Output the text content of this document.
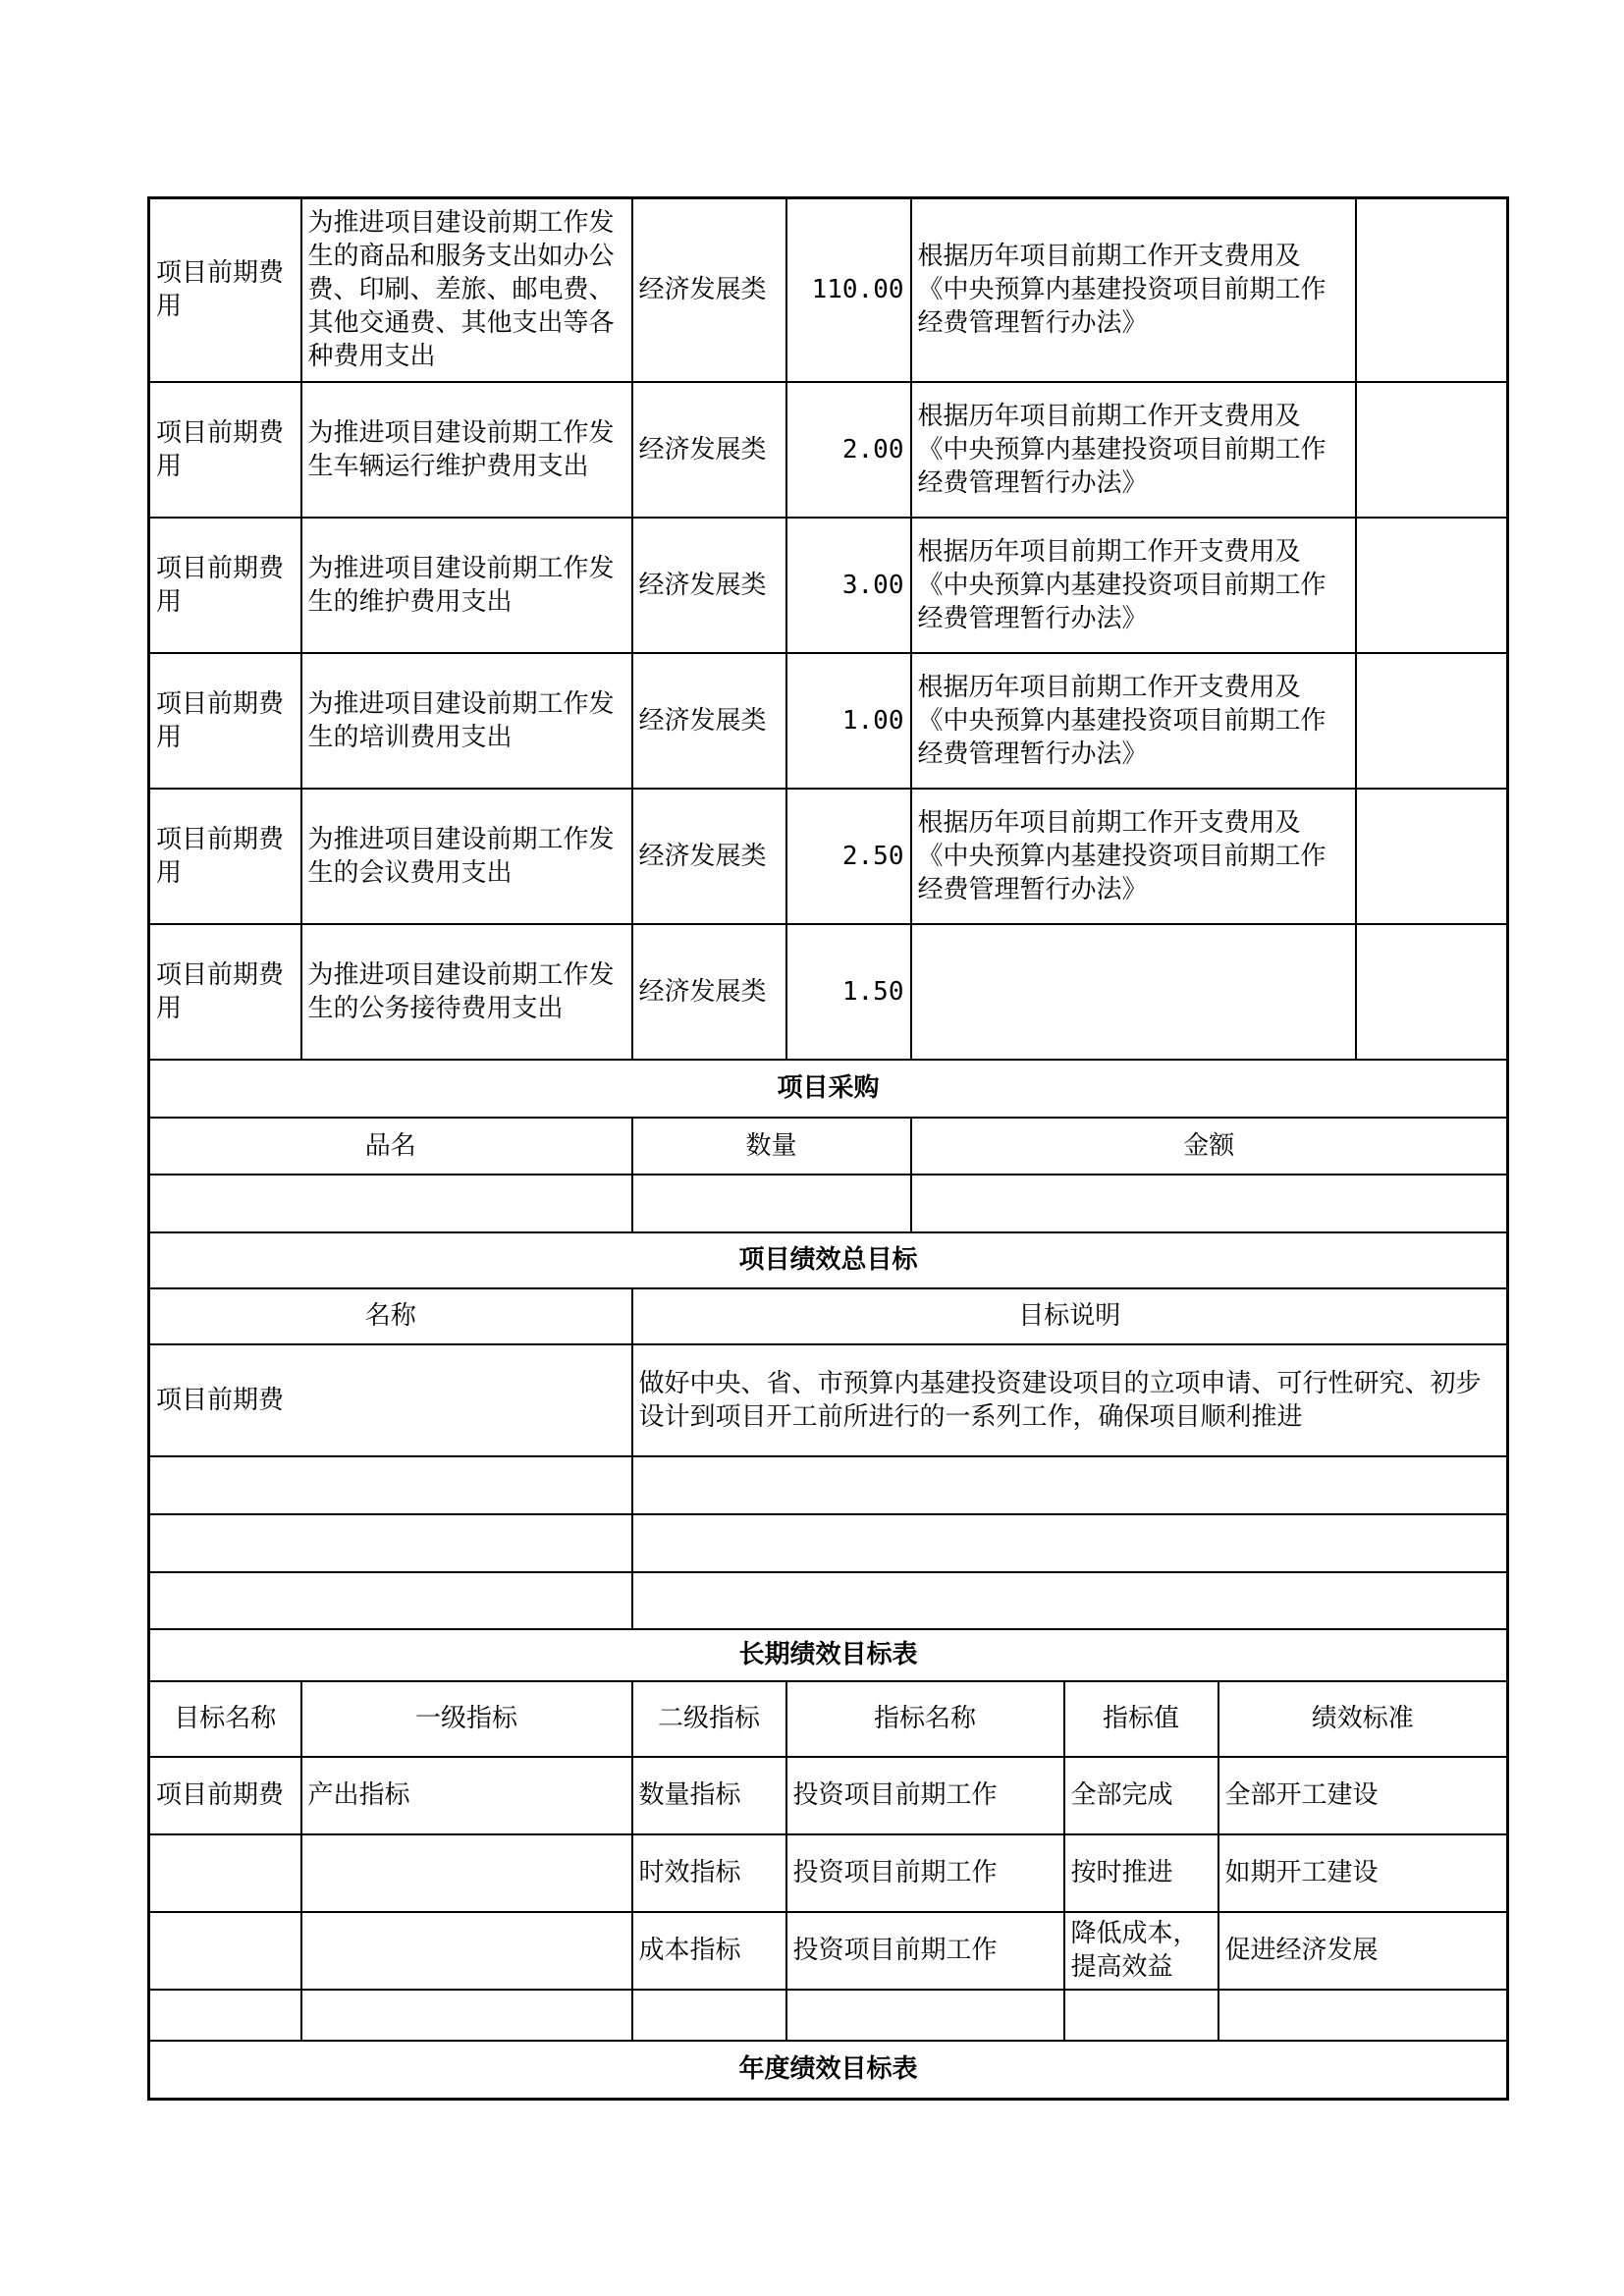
项目前期费用	为推进项目建设前期工作发生的商品和服务支出如办公费、印刷、差旅、邮电费、其他交通费、其他支出等各种费用支出	经济发展类	110.00	根据历年项目前期工作开支费用及《中央预算内基建投资项目前期工作经费管理暂行办法》			
项目前期费用	为推进项目建设前期工作发生车辆运行维护费用支出	经济发展类	2.00	根据历年项目前期工作开支费用及《中央预算内基建投资项目前期工作经费管理暂行办法》			
项目前期费用	为推进项目建设前期工作发生的维护费用支出	经济发展类	3.00	根据历年项目前期工作开支费用及《中央预算内基建投资项目前期工作经费管理暂行办法》			
项目前期费用	为推进项目建设前期工作发生的培训费用支出	经济发展类	1.00	根据历年项目前期工作开支费用及《中央预算内基建投资项目前期工作经费管理暂行办法》			
项目前期费用	为推进项目建设前期工作发生的会议费用支出	经济发展类	2.50	根据历年项目前期工作开支费用及《中央预算内基建投资项目前期工作经费管理暂行办法》			
项目前期费用	为推进项目建设前期工作发生的公务接待费用支出	经济发展类	1.50				
项目采购							
品名		数量		金额			

项目绩效总目标							
名称		目标说明					
项目前期费		做好中央、省、市预算内基建投资建设项目的立项申请、可行性研究、初步设计到项目开工前所进行的一系列工作，确保项目顺利推进					

长期绩效目标表							
目标名称	一级指标	二级指标	指标名称		指标值	绩效标准	
项目前期费	产出指标	数量指标	投资项目前期工作		全部完成	全部开工建设	
		时效指标	投资项目前期工作		按时推进	如期开工建设	
		成本指标	投资项目前期工作		降低成本，提高效益	促进经济发展	

年度绩效目标表							
